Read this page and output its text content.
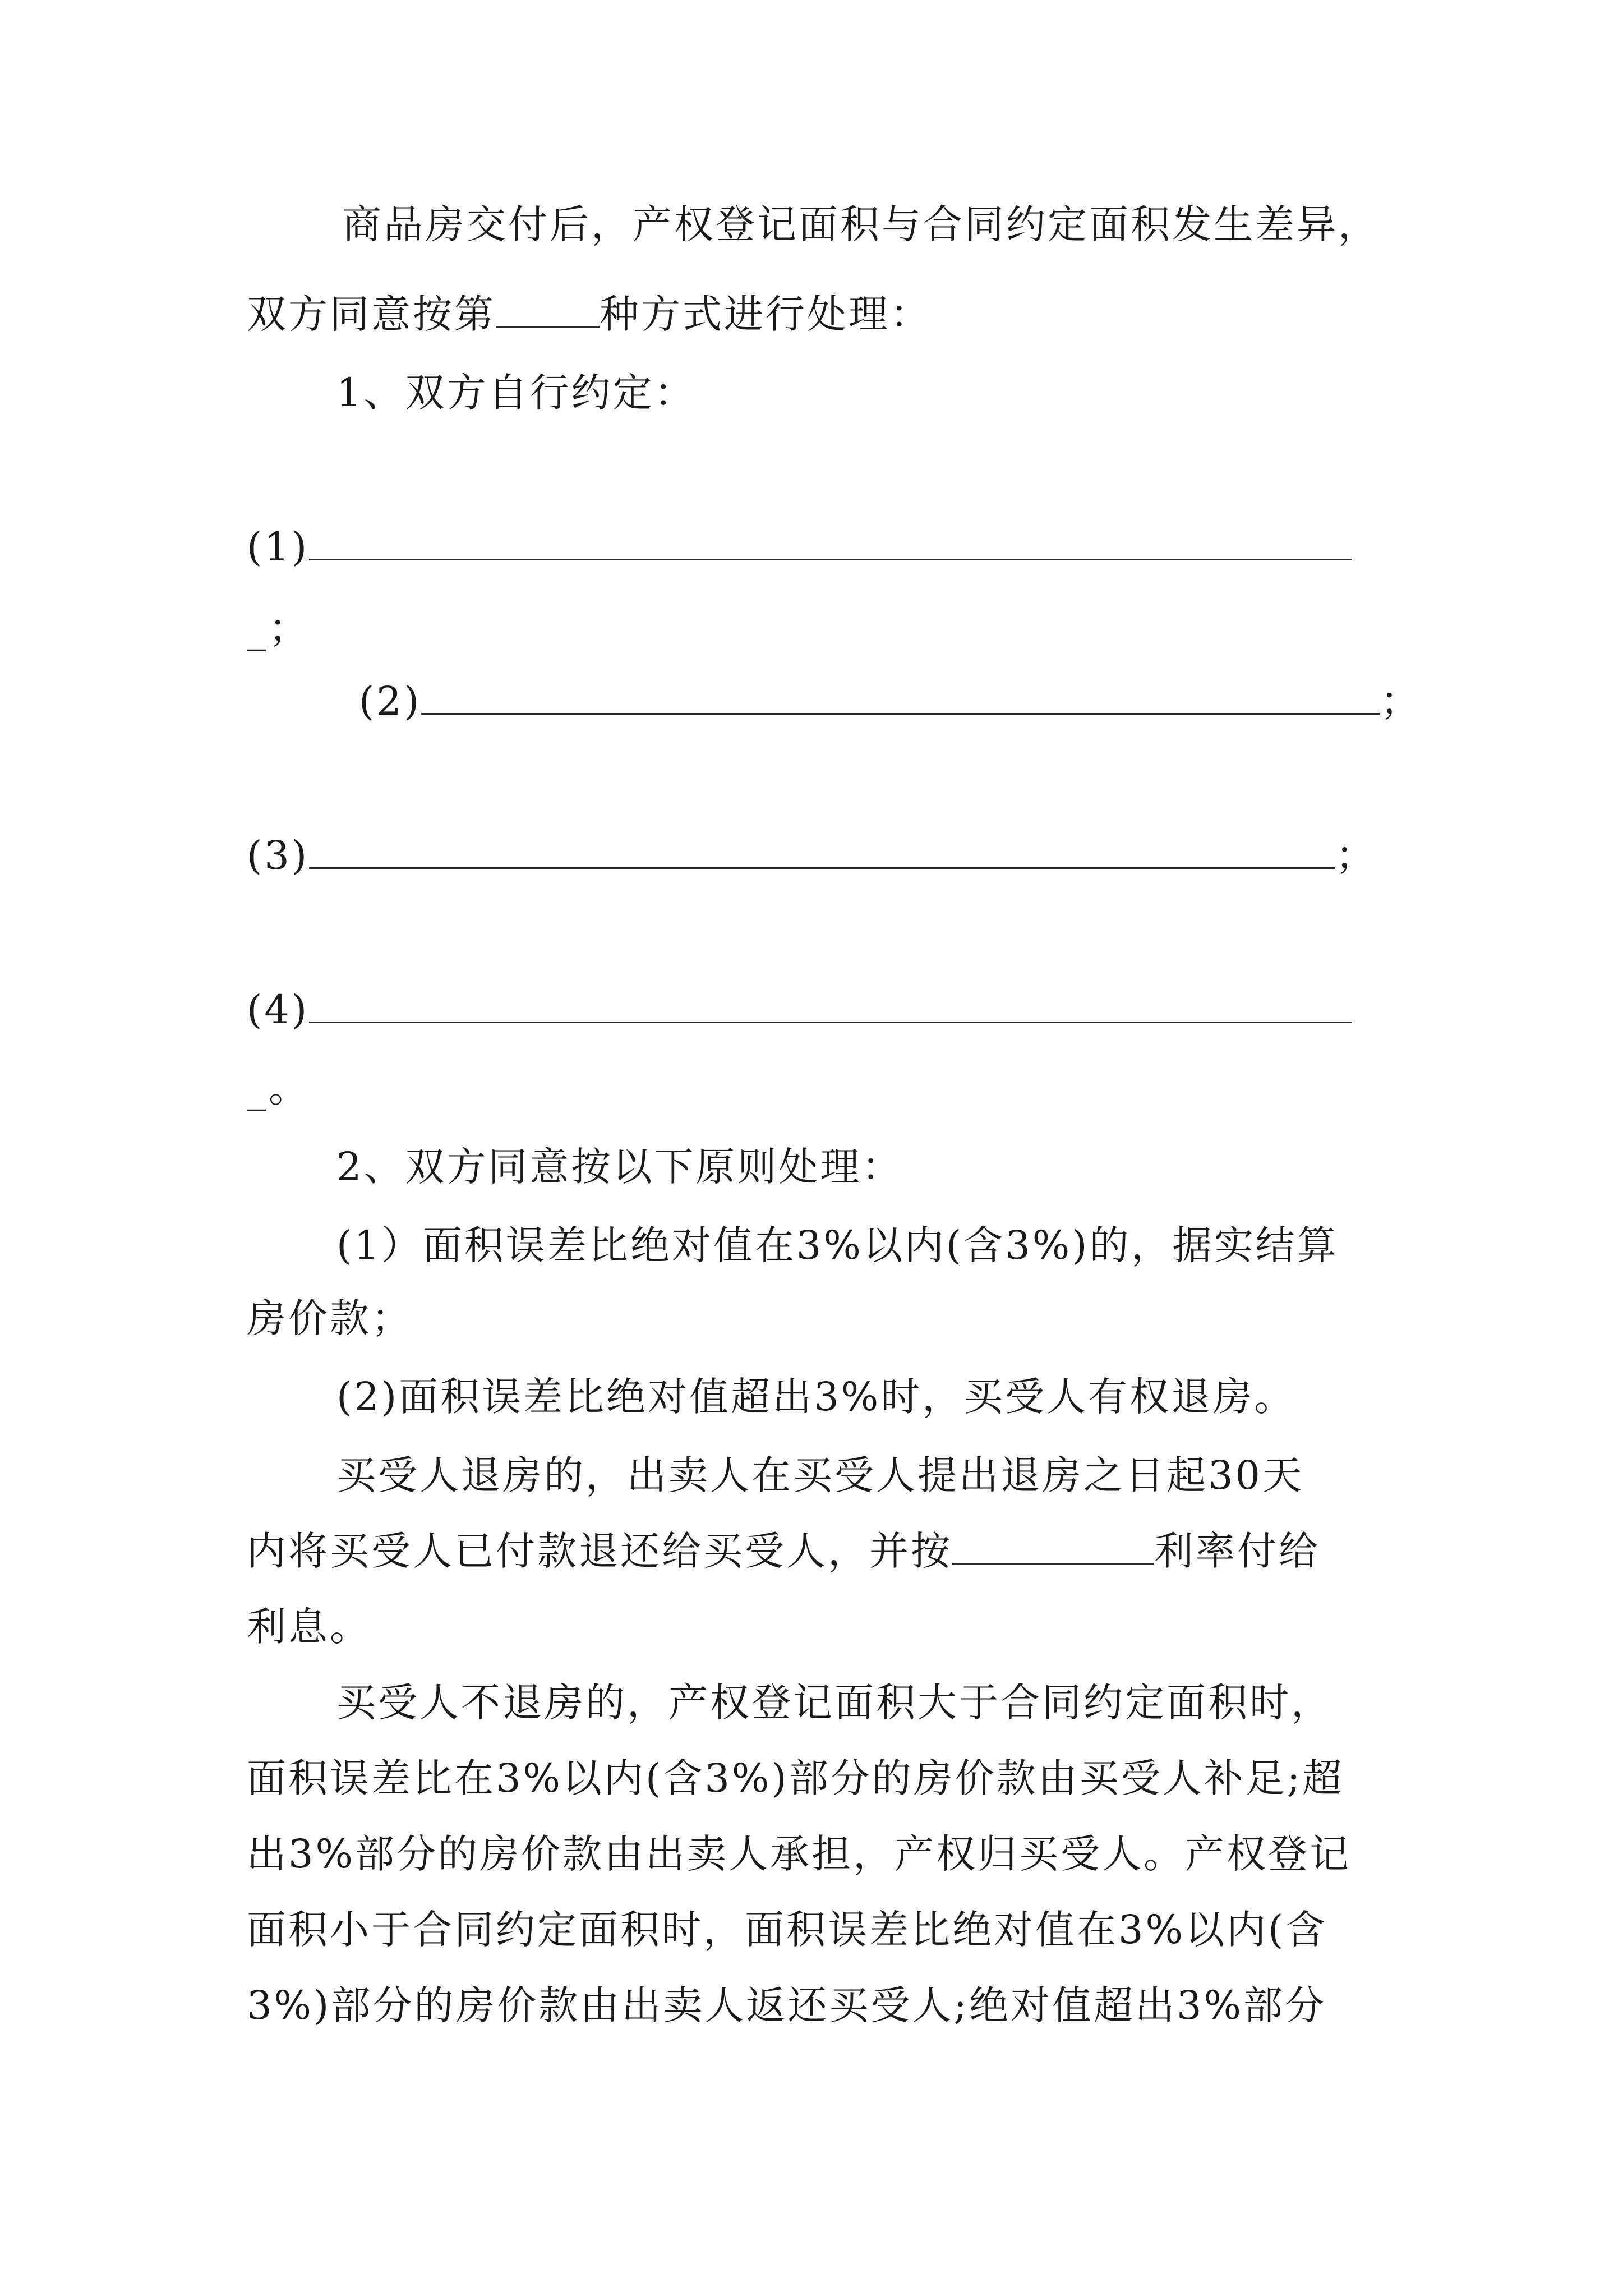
商品房交付后，产权登记面积与合同约定面积发生差异，
双方同意按第	种方式进行处理：
1、双方自行约定：
(1)
_；
(2)	；
(3)	；
(4)
_。
2、双方同意按以下原则处理：
(1）面积误差比绝对值在3%以内(含3%)的，据实结算
房价款；
(2)面积误差比绝对值超出3%时，买受人有权退房。
买受人退房的，出卖人在买受人提出退房之日起30天
内将买受人已付款退还给买受人，并按	利率付给
利息。
买受人不退房的，产权登记面积大于合同约定面积时，
面积误差比在3%以内(含3%)部分的房价款由买受人补足;超
出3%部分的房价款由出卖人承担，产权归买受人。产权登记
面积小于合同约定面积时，面积误差比绝对值在3%以内(含
3%)部分的房价款由出卖人返还买受人;绝对值超出3%部分
